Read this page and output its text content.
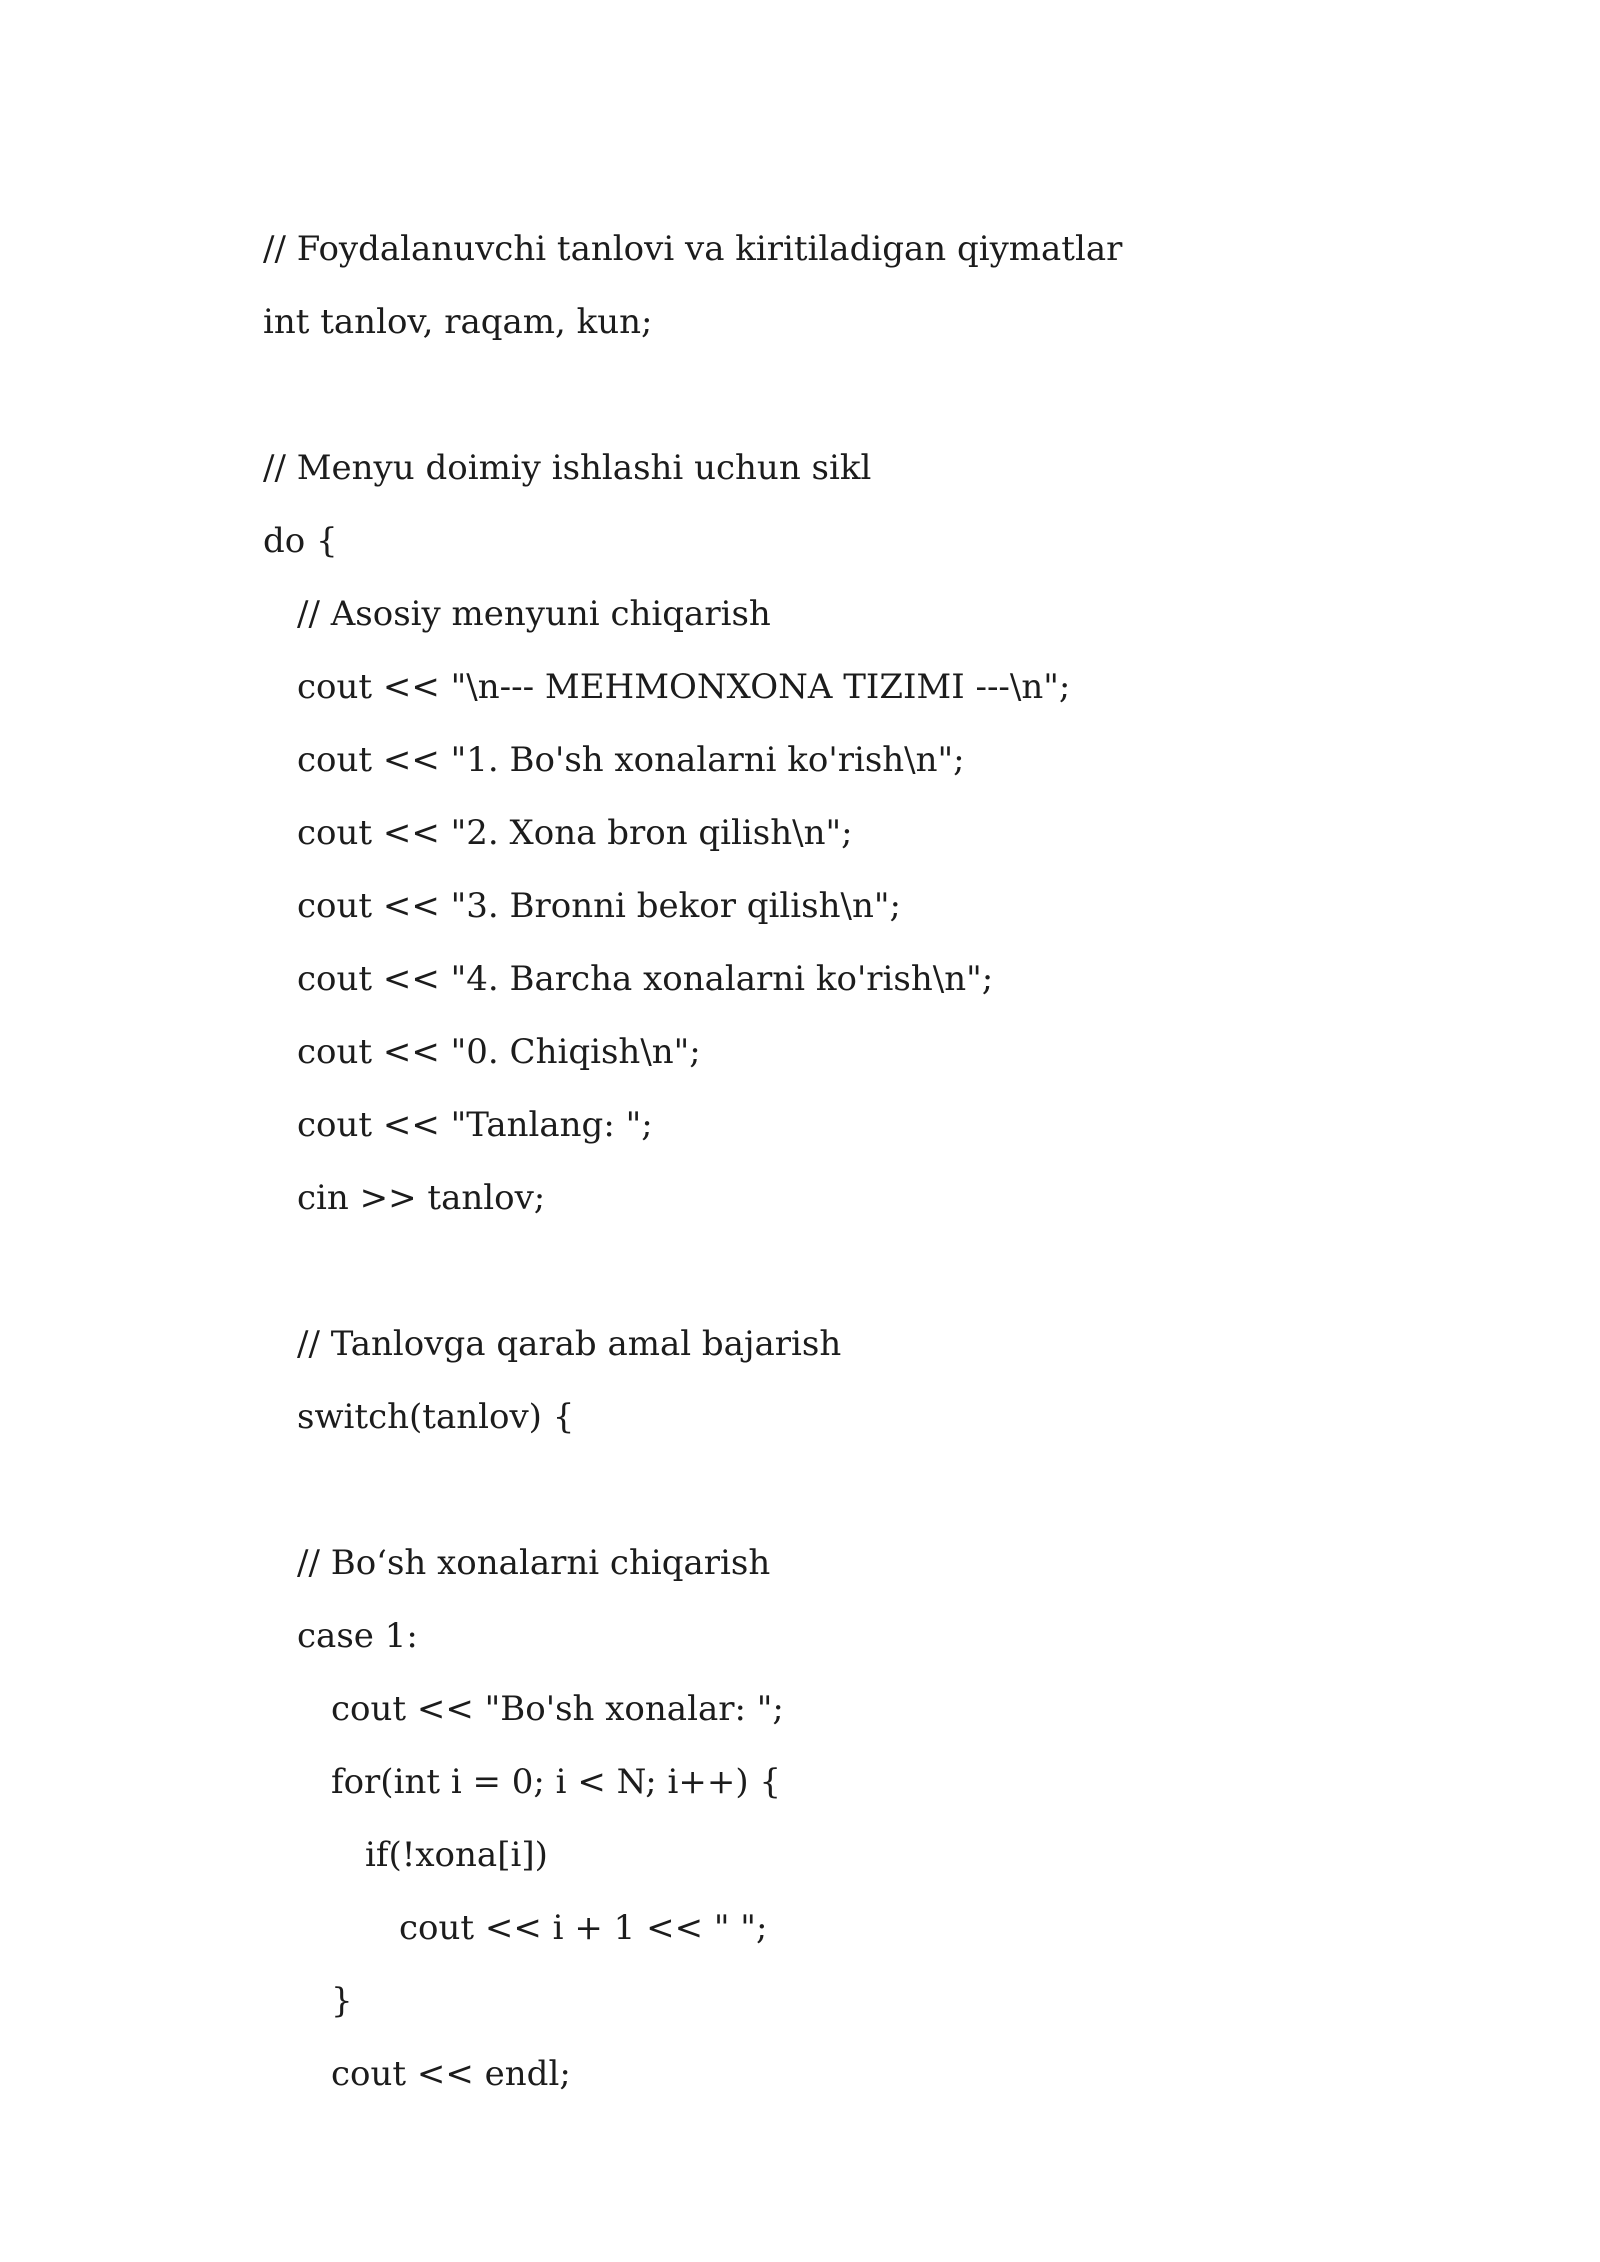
// Foydalanuvchi tanlovi va kiritiladigan qiymatlar
int tanlov, raqam, kun;
// Menyu doimiy ishlashi uchun sikl
do {
// Asosiy menyuni chiqarish
cout << "\n--- MEHMONXONA TIZIMI ---\n";
cout << "1. Bo'sh xonalarni ko'rish\n";
cout << "2. Xona bron qilish\n";
cout << "3. Bronni bekor qilish\n";
cout << "4. Barcha xonalarni ko'rish\n";
cout << "0. Chiqish\n";
cout << "Tanlang: ";
cin >> tanlov;
// Tanlovga qarab amal bajarish
switch(tanlov) {
// Bo‘sh xonalarni chiqarish
case 1:
cout << "Bo'sh xonalar: ";
for(int i = 0; i < N; i++) {
if(!xona[i])
cout << i + 1 << " ";
}
cout << endl;
